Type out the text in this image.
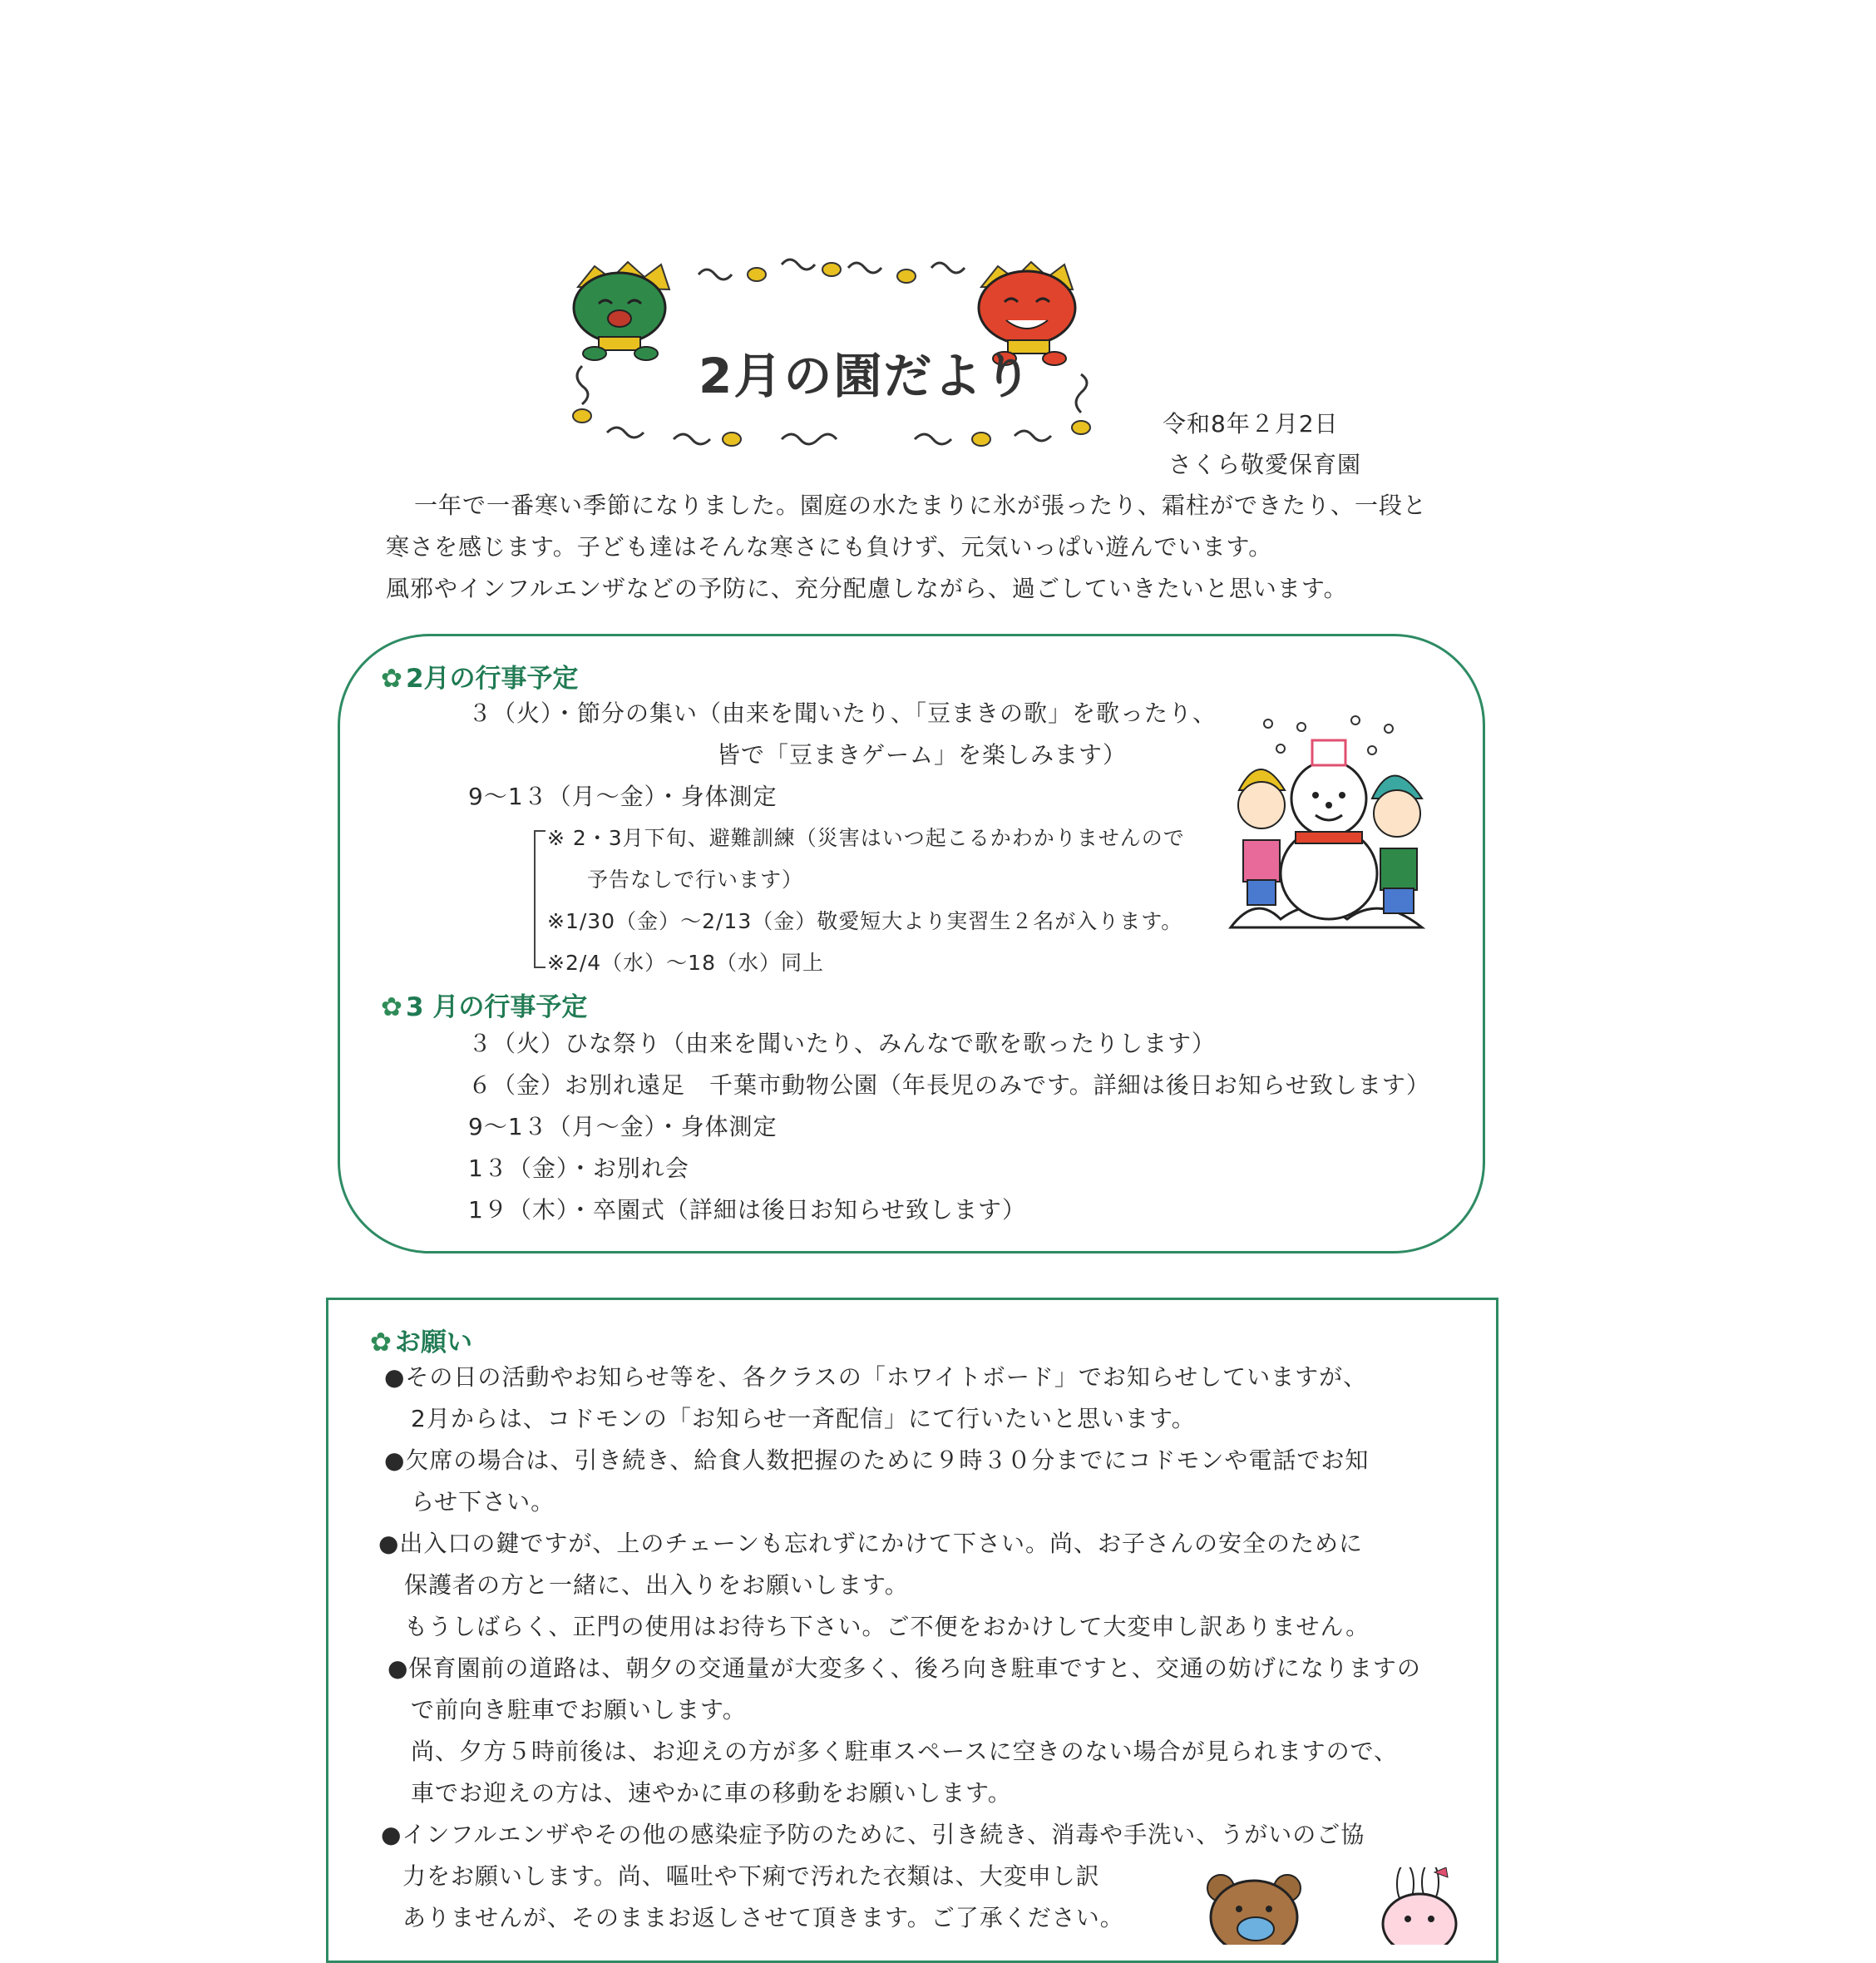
2月の園だより
令和8年２月2日
さくら敬愛保育園
一年で一番寒い季節になりました。園庭の水たまりに氷が張ったり、霜柱ができたり、一段と
寒さを感じます。子ども達はそんな寒さにも負けず、元気いっぱい遊んでいます。
風邪やインフルエンザなどの予防に、充分配慮しながら、過ごしていきたいと思います。
✿ 2月の行事予定
３（火）・節分の集い（由来を聞いたり、「豆まきの歌」を歌ったり、
皆で「豆まきゲーム」を楽しみます）
9～1３（月～金）・身体測定
※ 2・3月下旬、避難訓練（災害はいつ起こるかわかりませんので
予告なしで行います）
※1/30（金）～2/13（金）敬愛短大より実習生２名が入ります。
※2/4（水）～18（水）同上
✿ 3 月の行事予定
３（火）ひな祭り（由来を聞いたり、みんなで歌を歌ったりします）
６（金）お別れ遠足　千葉市動物公園（年長児のみです。詳細は後日お知らせ致します）
9～1３（月～金）・身体測定
1３（金）・お別れ会
1９（木）・卒園式（詳細は後日お知らせ致します）
✿ お願い
●その日の活動やお知らせ等を、各クラスの「ホワイトボード」でお知らせしていますが、
2月からは、コドモンの「お知らせ一斉配信」にて行いたいと思います。
●欠席の場合は、引き続き、給食人数把握のために９時３０分までにコドモンや電話でお知
らせ下さい。
●出入口の鍵ですが、上のチェーンも忘れずにかけて下さい。尚、お子さんの安全のために
保護者の方と一緒に、出入りをお願いします。
もうしばらく、正門の使用はお待ち下さい。ご不便をおかけして大変申し訳ありません。
●保育園前の道路は、朝夕の交通量が大変多く、後ろ向き駐車ですと、交通の妨げになりますの
で前向き駐車でお願いします。
尚、夕方５時前後は、お迎えの方が多く駐車スペースに空きのない場合が見られますので、
車でお迎えの方は、速やかに車の移動をお願いします。
●インフルエンザやその他の感染症予防のために、引き続き、消毒や手洗い、うがいのご協
力をお願いします。尚、嘔吐や下痢で汚れた衣類は、大変申し訳
ありませんが、そのままお返しさせて頂きます。ご了承ください。
